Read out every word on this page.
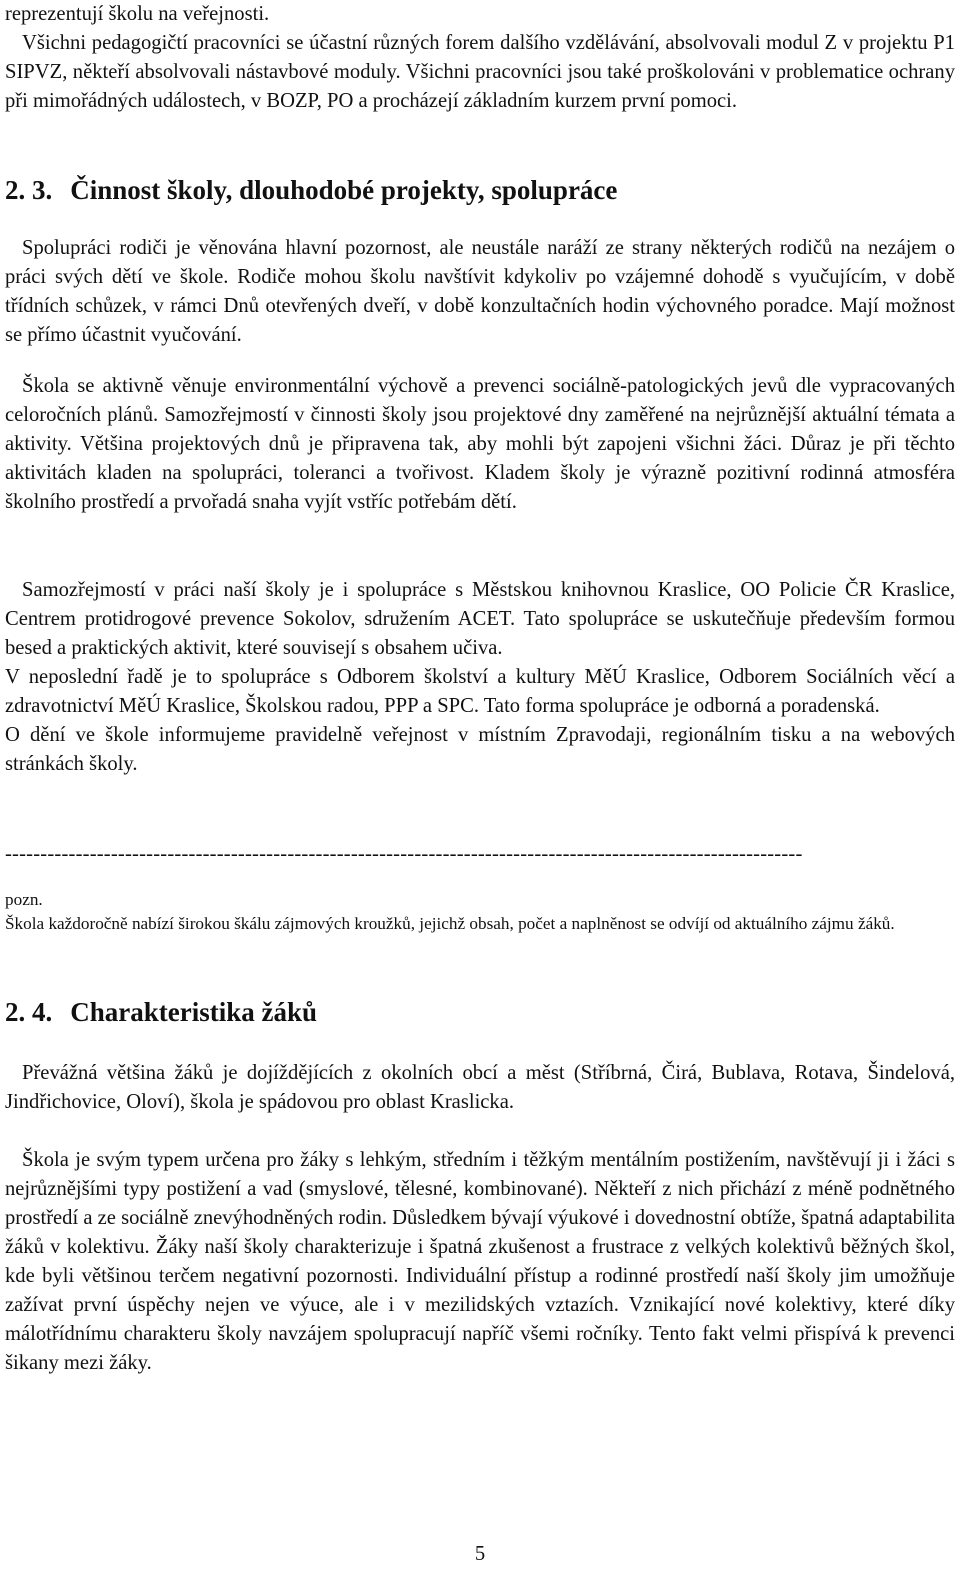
reprezentují školu na veřejnosti.

Všichni pedagogičtí pracovníci se účastní různých forem dalšího vzdělávání, absolvovali modul Z v projektu P1 SIPVZ, někteří absolvovali nástavbové moduly. Všichni pracovníci jsou také proškolováni v problematice ochrany při mimořádných událostech, v BOZP, PO a procházejí základním kurzem první pomoci.

2. 3. Činnost školy, dlouhodobé projekty, spolupráce

Spolupráci rodiči je věnována hlavní pozornost, ale neustále naráží ze strany některých rodičů na nezájem o práci svých dětí ve škole. Rodiče mohou školu navštívit kdykoliv po vzájemné dohodě s vyučujícím, v době třídních schůzek, v rámci Dnů otevřených dveří, v době konzultačních hodin výchovného poradce. Mají možnost se přímo účastnit vyučování.

Škola se aktivně věnuje environmentální výchově a prevenci sociálně-patologických jevů dle vypracovaných celoročních plánů. Samozřejmostí v činnosti školy jsou projektové dny zaměřené na nejrůznější aktuální témata a aktivity. Většina projektových dnů je připravena tak, aby mohli být zapojeni všichni žáci. Důraz je při těchto aktivitách kladen na spolupráci, toleranci a tvořivost. Kladem školy je výrazně pozitivní rodinná atmosféra školního prostředí a prvořadá snaha vyjít vstříc potřebám dětí.

Samozřejmostí v práci naší školy je i spolupráce s Městskou knihovnou Kraslice, OO Policie ČR Kraslice, Centrem protidrogové prevence Sokolov, sdružením ACET. Tato spolupráce se uskutečňuje především formou besed a praktických aktivit, které souvisejí s obsahem učiva.

V neposlední řadě je to spolupráce s Odborem školství a kultury MěÚ Kraslice, Odborem Sociálních věcí a zdravotnictví MěÚ Kraslice, Školskou radou, PPP a SPC. Tato forma spolupráce je odborná a poradenská.

O dění ve škole informujeme pravidelně veřejnost v místním Zpravodaji, regionálním tisku a na webových stránkách školy.

-----------------------------------------------------------------------------------------------------------------

pozn.

Škola každoročně nabízí širokou škálu zájmových kroužků, jejichž obsah, počet a naplněnost se odvíjí od aktuálního zájmu žáků.

2. 4. Charakteristika žáků

Převážná většina žáků je dojíždějících z okolních obcí a měst (Stříbrná, Čirá, Bublava, Rotava, Šindelová, Jindřichovice, Oloví), škola je spádovou pro oblast Kraslicka.

Škola je svým typem určena pro žáky s lehkým, středním i těžkým mentálním postižením, navštěvují ji i žáci s nejrůznějšími typy postižení a vad (smyslové, tělesné, kombinované). Někteří z nich přichází z méně podnětného prostředí a ze sociálně znevýhodněných rodin. Důsledkem bývají výukové i dovednostní obtíže, špatná adaptabilita žáků v kolektivu. Žáky naší školy charakterizuje i špatná zkušenost a frustrace z velkých kolektivů běžných škol, kde byli většinou terčem negativní pozornosti. Individuální přístup a rodinné prostředí naší školy jim umožňuje zažívat první úspěchy nejen ve výuce, ale i v mezilidských vztazích. Vznikající nové kolektivy, které díky málotřídnímu charakteru školy navzájem spolupracují napříč všemi ročníky. Tento fakt velmi přispívá k prevenci šikany mezi žáky.

5
